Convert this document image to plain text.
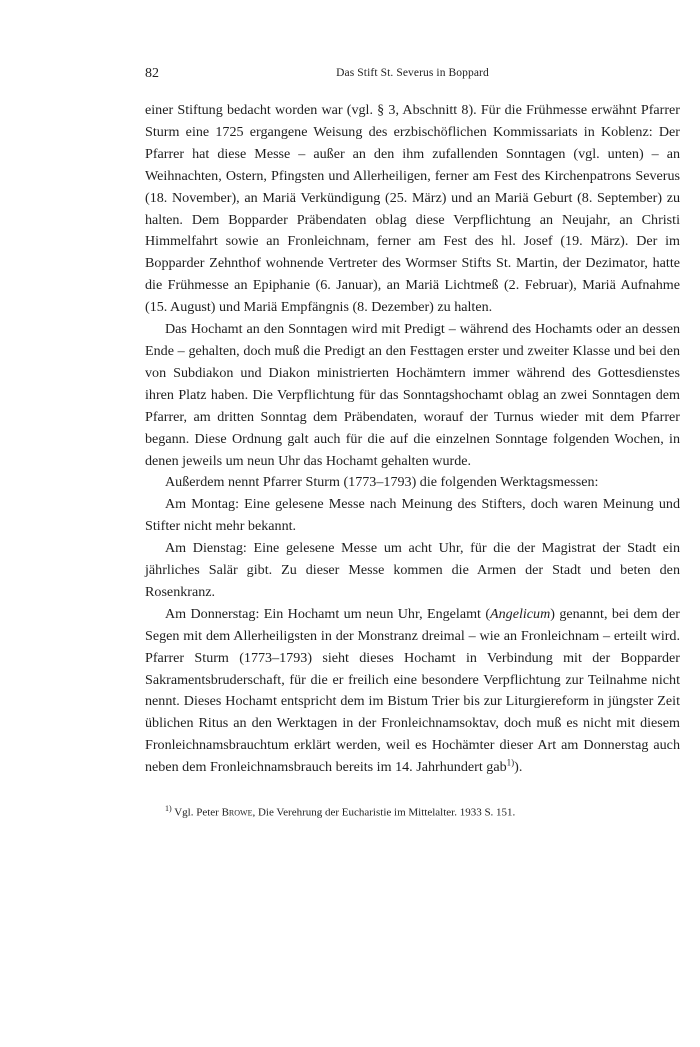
82	Das Stift St. Severus in Boppard

einer Stiftung bedacht worden war (vgl. § 3, Abschnitt 8). Für die Frühmesse erwähnt Pfarrer Sturm eine 1725 ergangene Weisung des erzbischöflichen Kommissariats in Koblenz: Der Pfarrer hat diese Messe – außer an den ihm zufallenden Sonntagen (vgl. unten) – an Weihnachten, Ostern, Pfingsten und Allerheiligen, ferner am Fest des Kirchenpatrons Severus (18. November), an Mariä Verkündigung (25. März) und an Mariä Geburt (8. September) zu halten. Dem Bopparder Präbendaten oblag diese Verpflichtung an Neujahr, an Christi Himmelfahrt sowie an Fronleichnam, ferner am Fest des hl. Josef (19. März). Der im Bopparder Zehnthof wohnende Vertreter des Wormser Stifts St. Martin, der Dezimator, hatte die Frühmesse an Epiphanie (6. Januar), an Mariä Lichtmeß (2. Februar), Mariä Aufnahme (15. August) und Mariä Empfängnis (8. Dezember) zu halten.

Das Hochamt an den Sonntagen wird mit Predigt – während des Hochamts oder an dessen Ende – gehalten, doch muß die Predigt an den Festtagen erster und zweiter Klasse und bei den von Subdiakon und Diakon ministrierten Hochämtern immer während des Gottesdienstes ihren Platz haben. Die Verpflichtung für das Sonntagshochamt oblag an zwei Sonntagen dem Pfarrer, am dritten Sonntag dem Präbendaten, worauf der Turnus wieder mit dem Pfarrer begann. Diese Ordnung galt auch für die auf die einzelnen Sonntage folgenden Wochen, in denen jeweils um neun Uhr das Hochamt gehalten wurde.

Außerdem nennt Pfarrer Sturm (1773–1793) die folgenden Werktagsmessen:

Am Montag: Eine gelesene Messe nach Meinung des Stifters, doch waren Meinung und Stifter nicht mehr bekannt.

Am Dienstag: Eine gelesene Messe um acht Uhr, für die der Magistrat der Stadt ein jährliches Salär gibt. Zu dieser Messe kommen die Armen der Stadt und beten den Rosenkranz.

Am Donnerstag: Ein Hochamt um neun Uhr, Engelamt (Angelicum) genannt, bei dem der Segen mit dem Allerheiligsten in der Monstranz dreimal – wie an Fronleichnam – erteilt wird. Pfarrer Sturm (1773–1793) sieht dieses Hochamt in Verbindung mit der Bopparder Sakramentsbruderschaft, für die er freilich eine besondere Verpflichtung zur Teilnahme nicht nennt. Dieses Hochamt entspricht dem im Bistum Trier bis zur Liturgiereform in jüngster Zeit üblichen Ritus an den Werktagen in der Fronleichnamsoktav, doch muß es nicht mit diesem Fronleichnamsbrauchtum erklärt werden, weil es Hochämter dieser Art am Donnerstag auch neben dem Fronleichnamsbrauch bereits im 14. Jahrhundert gab$^{1)}$).

$^{1)}$ Vgl. Peter Browe, Die Verehrung der Eucharistie im Mittelalter. 1933 S. 151.
